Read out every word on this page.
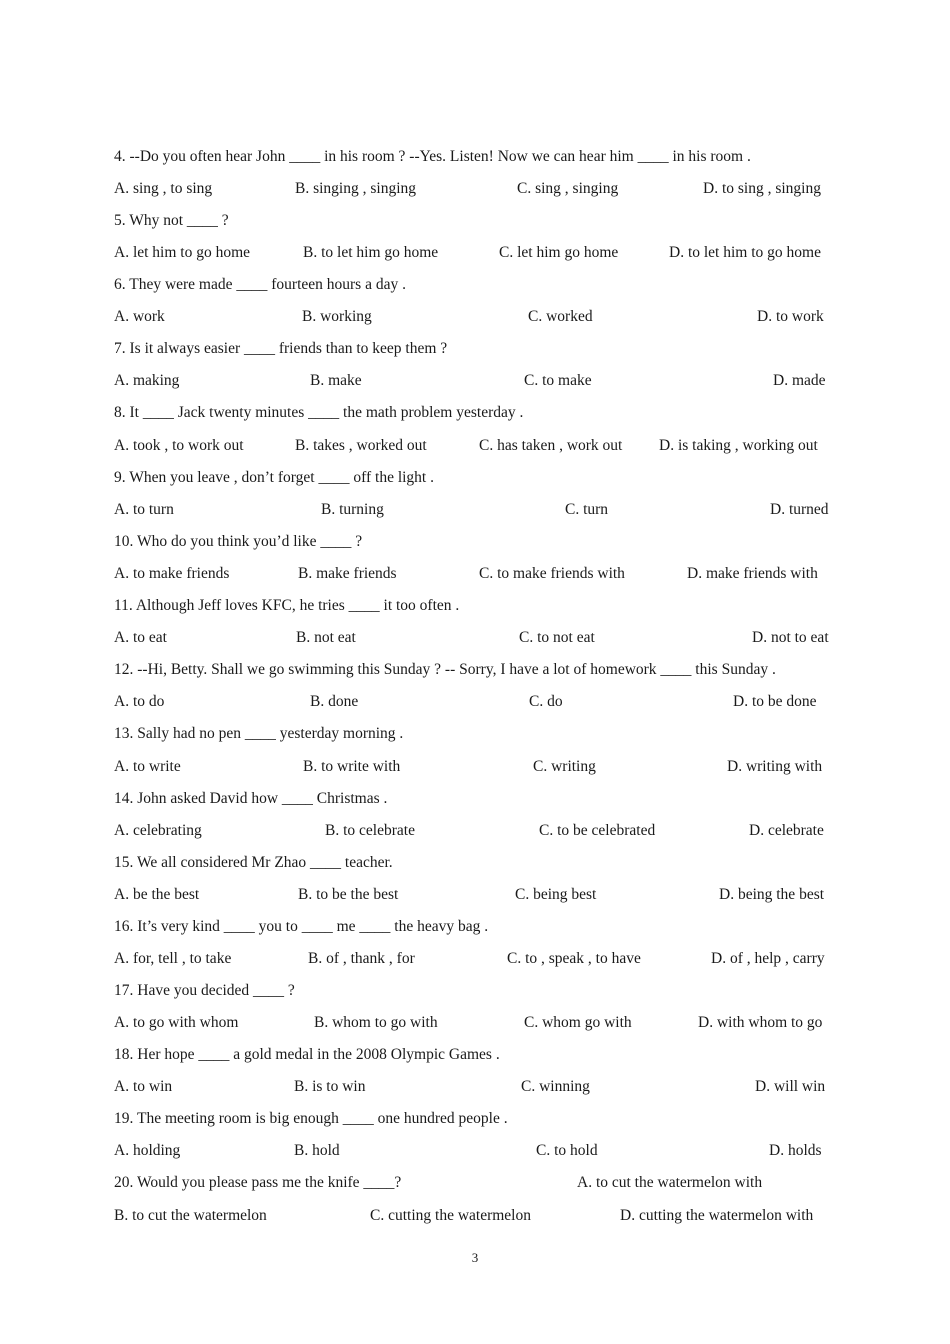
4. --Do you often hear John ____ in his room ? --Yes. Listen! Now we can hear him ____ in his room .
A. sing , to sing	B. singing , singing	C. sing , singing	D. to sing , singing
5. Why not ____ ?
A. let him to go home	B. to let him go home	C. let him go home	D. to let him to go home
6. They were made ____ fourteen hours a day .
A. work	B. working	C. worked	D. to work
7. Is it always easier ____ friends than to keep them ?
A. making	B. make	C. to make	D. made
8. It ____ Jack twenty minutes ____ the math problem yesterday .
A. took , to work out	B. takes , worked out	C. has taken , work out D. is taking , working out
9. When you leave , don’t forget ____ off the light .
A. to turn	B. turning	C. turn	D. turned
10. Who do you think you’d like ____ ?
A. to make friends	B. make friends	C. to make friends with	D. make friends with
11. Although Jeff loves KFC, he tries ____ it too often .
A. to eat	B. not eat	C. to not eat	D. not to eat
12. --Hi, Betty. Shall we go swimming this Sunday ? -- Sorry, I have a lot of homework ____ this Sunday .
A. to do	B. done	C. do	D. to be done
13. Sally had no pen ____ yesterday morning .
A. to write	B. to write with	C. writing	D. writing with
14. John asked David how ____ Christmas .
A. celebrating	B. to celebrate	C. to be celebrated	D. celebrate
15. We all considered Mr Zhao ____ teacher.
A. be the best	B. to be the best	C. being best	D. being the best
16. It’s very kind ____ you to ____ me ____ the heavy bag .
A. for, tell , to take	B. of , thank , for	C. to , speak , to have	D. of , help , carry
17. Have you decided ____ ?
A. to go with whom	B. whom to go with	C. whom go with	D. with whom to go
18. Her hope ____ a gold medal in the 2008 Olympic Games .
A. to win	B. is to win	C. winning	D. will win
19. The meeting room is big enough ____ one hundred people .
A. holding	B. hold	C. to hold	D. holds
20. Would you please pass me the knife ____?	A. to cut the watermelon with
B. to cut the watermelon	C. cutting the watermelon	D. cutting the watermelon with
3
